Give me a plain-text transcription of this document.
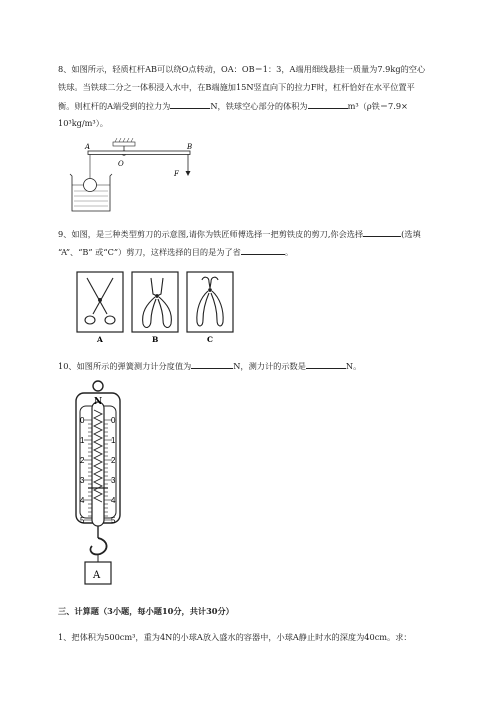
8、如图所示，轻质杠杆AB可以绕O点转动，OA：OB＝1：3，A端用细线悬挂一质量为7.9kg的空心
铁球。当铁球二分之一体积浸入水中，在B端施加15N竖直向下的拉力F时，杠杆恰好在水平位置平
衡。则杠杆的A端受到的拉力为	N，铁球空心部分的体积为	m³（ρ铁＝7.9×
10³kg/m³）。
A
O
B
F
9、如图，是三种类型剪刀的示意图,请你为铁匠师傅选择一把剪铁皮的剪刀,你会选择	(选填
“A”、“B” 或“C”）剪刀，这样选择的目的是为了省	。
A	B	C
10、如图所示的弹簧测力计分度值为	N，测力计的示数是	N。
N
0
1
2
3
4
5
0
1
2
3
4
5
A
三、计算题（3小题，每小题10分，共计30分）
1、把体积为500cm³，重为4N的小球A放入盛水的容器中，小球A静止时水的深度为40cm。求：
